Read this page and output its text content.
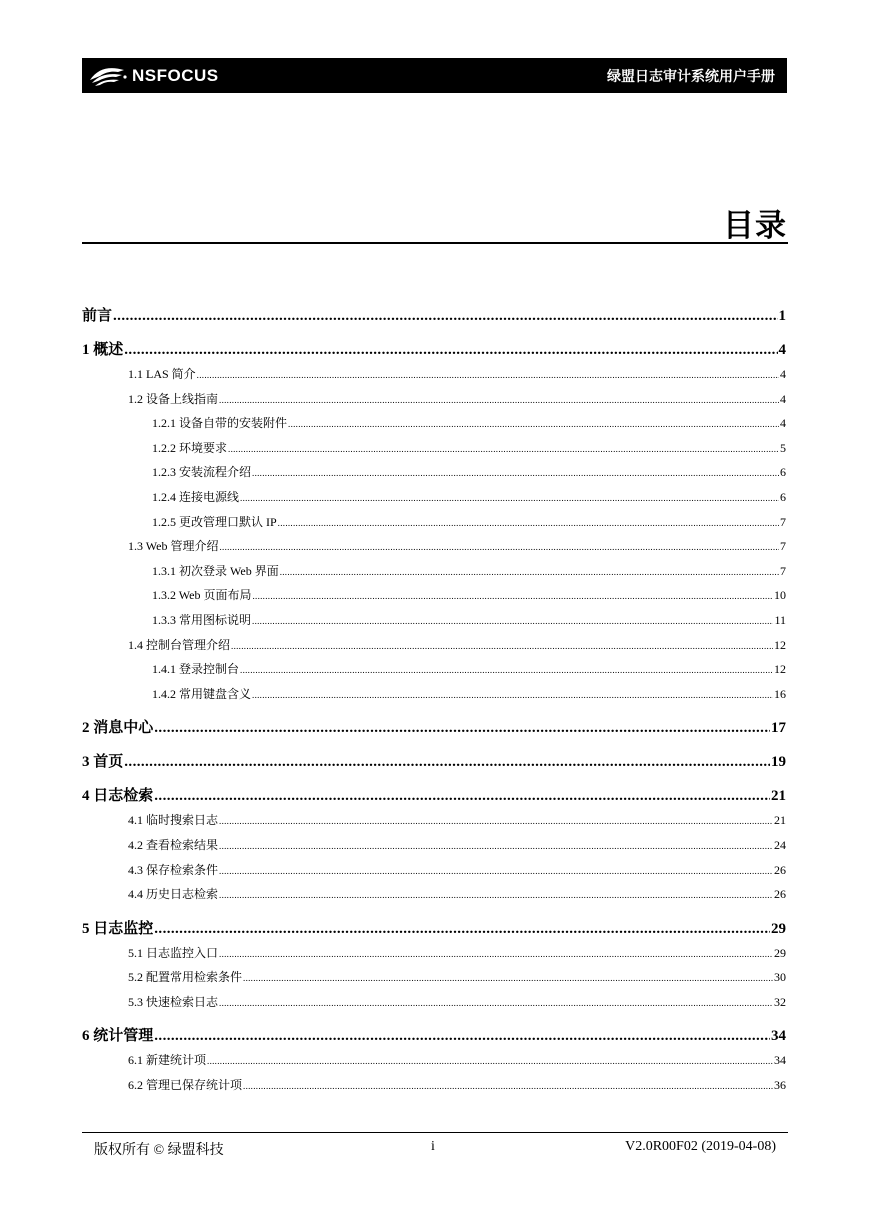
NSFOCUS	绿盟日志审计系统用户手册
目录
前言 .....	1
1 概述 .....	4
1.1 LAS 简介 .....	4
1.2 设备上线指南 .....	4
1.2.1 设备自带的安装附件 .....	4
1.2.2 环境要求 .....	5
1.2.3 安装流程介绍 .....	6
1.2.4 连接电源线 .....	6
1.2.5 更改管理口默认 IP .....	7
1.3 Web 管理介绍 .....	7
1.3.1 初次登录 Web 界面 .....	7
1.3.2 Web 页面布局 .....	10
1.3.3 常用图标说明 .....	11
1.4 控制台管理介绍 .....	12
1.4.1 登录控制台 .....	12
1.4.2 常用键盘含义 .....	16
2 消息中心 .....	17
3 首页 .....	19
4 日志检索 .....	21
4.1 临时搜索日志 .....	21
4.2 查看检索结果 .....	24
4.3 保存检索条件 .....	26
4.4 历史日志检索 .....	26
5 日志监控 .....	29
5.1 日志监控入口 .....	29
5.2 配置常用检索条件 .....	30
5.3 快速检索日志 .....	32
6 统计管理 .....	34
6.1 新建统计项 .....	34
6.2 管理已保存统计项 .....	36
版权所有 © 绿盟科技	i	V2.0R00F02 (2019-04-08)
